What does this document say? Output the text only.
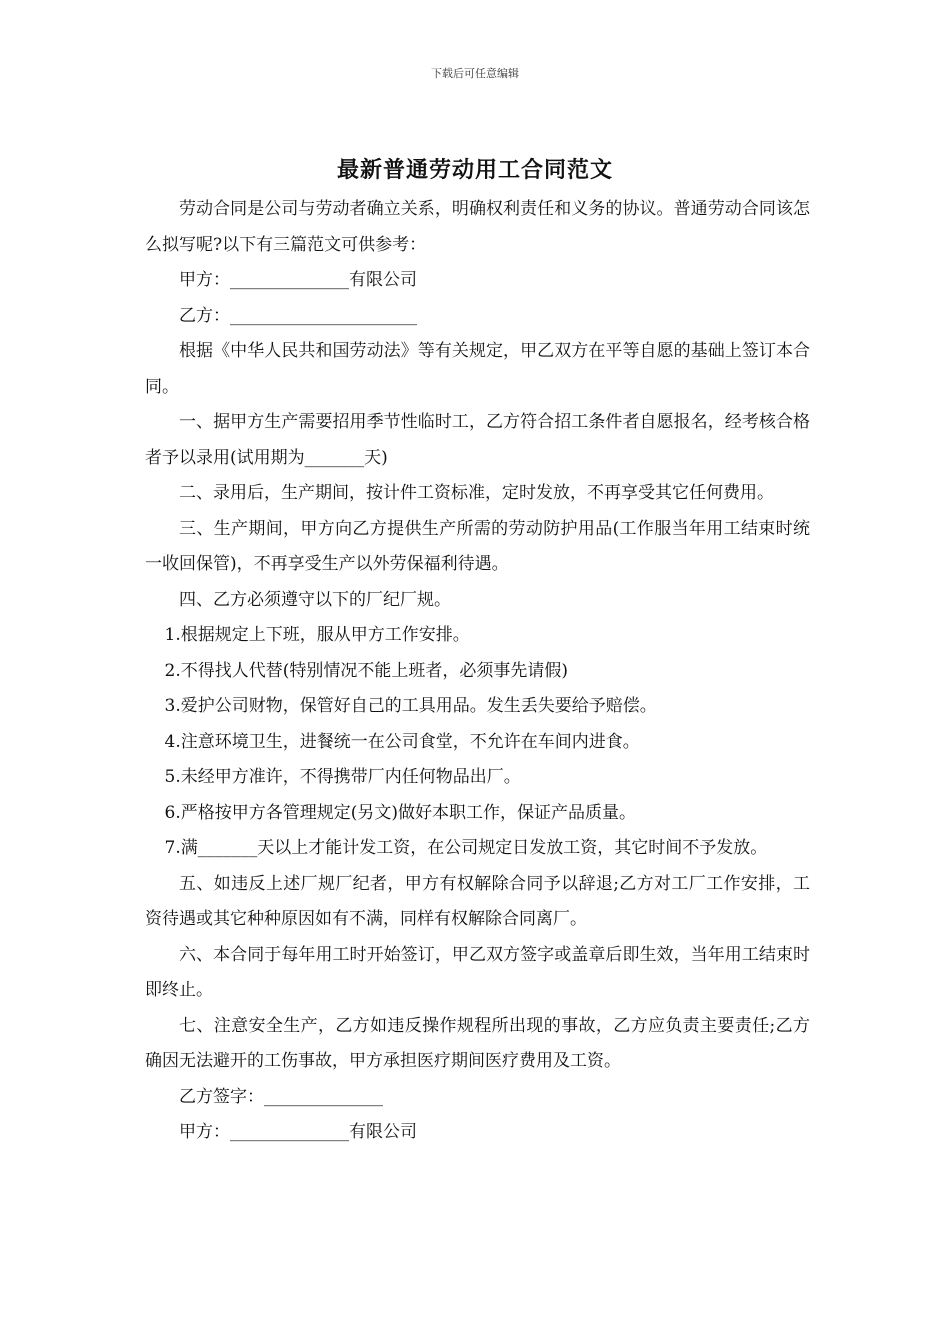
下载后可任意编辑
最新普通劳动用工合同范文

劳动合同是公司与劳动者确立关系，明确权利责任和义务的协议。普通劳动合同该怎么拟写呢?以下有三篇范文可供参考：

甲方：______________有限公司

乙方：______________________

根据《中华人民共和国劳动法》等有关规定，甲乙双方在平等自愿的基础上签订本合同。

一、据甲方生产需要招用季节性临时工，乙方符合招工条件者自愿报名，经考核合格者予以录用(试用期为_______天)

二、录用后，生产期间，按计件工资标准，定时发放，不再享受其它任何费用。

三、生产期间，甲方向乙方提供生产所需的劳动防护用品(工作服当年用工结束时统一收回保管)，不再享受生产以外劳保福利待遇。

四、乙方必须遵守以下的厂纪厂规。

1.根据规定上下班，服从甲方工作安排。

2.不得找人代替(特别情况不能上班者，必须事先请假)

3.爱护公司财物，保管好自己的工具用品。发生丢失要给予赔偿。

4.注意环境卫生，进餐统一在公司食堂，不允许在车间内进食。

5.未经甲方准许，不得携带厂内任何物品出厂。

6.严格按甲方各管理规定(另文)做好本职工作，保证产品质量。

7.满_______天以上才能计发工资，在公司规定日发放工资，其它时间不予发放。

五、如违反上述厂规厂纪者，甲方有权解除合同予以辞退;乙方对工厂工作安排，工资待遇或其它种种原因如有不满，同样有权解除合同离厂。

六、本合同于每年用工时开始签订，甲乙双方签字或盖章后即生效，当年用工结束时即终止。

七、注意安全生产，乙方如违反操作规程所出现的事故，乙方应负责主要责任;乙方确因无法避开的工伤事故，甲方承担医疗期间医疗费用及工资。

乙方签字：______________

甲方：______________有限公司
